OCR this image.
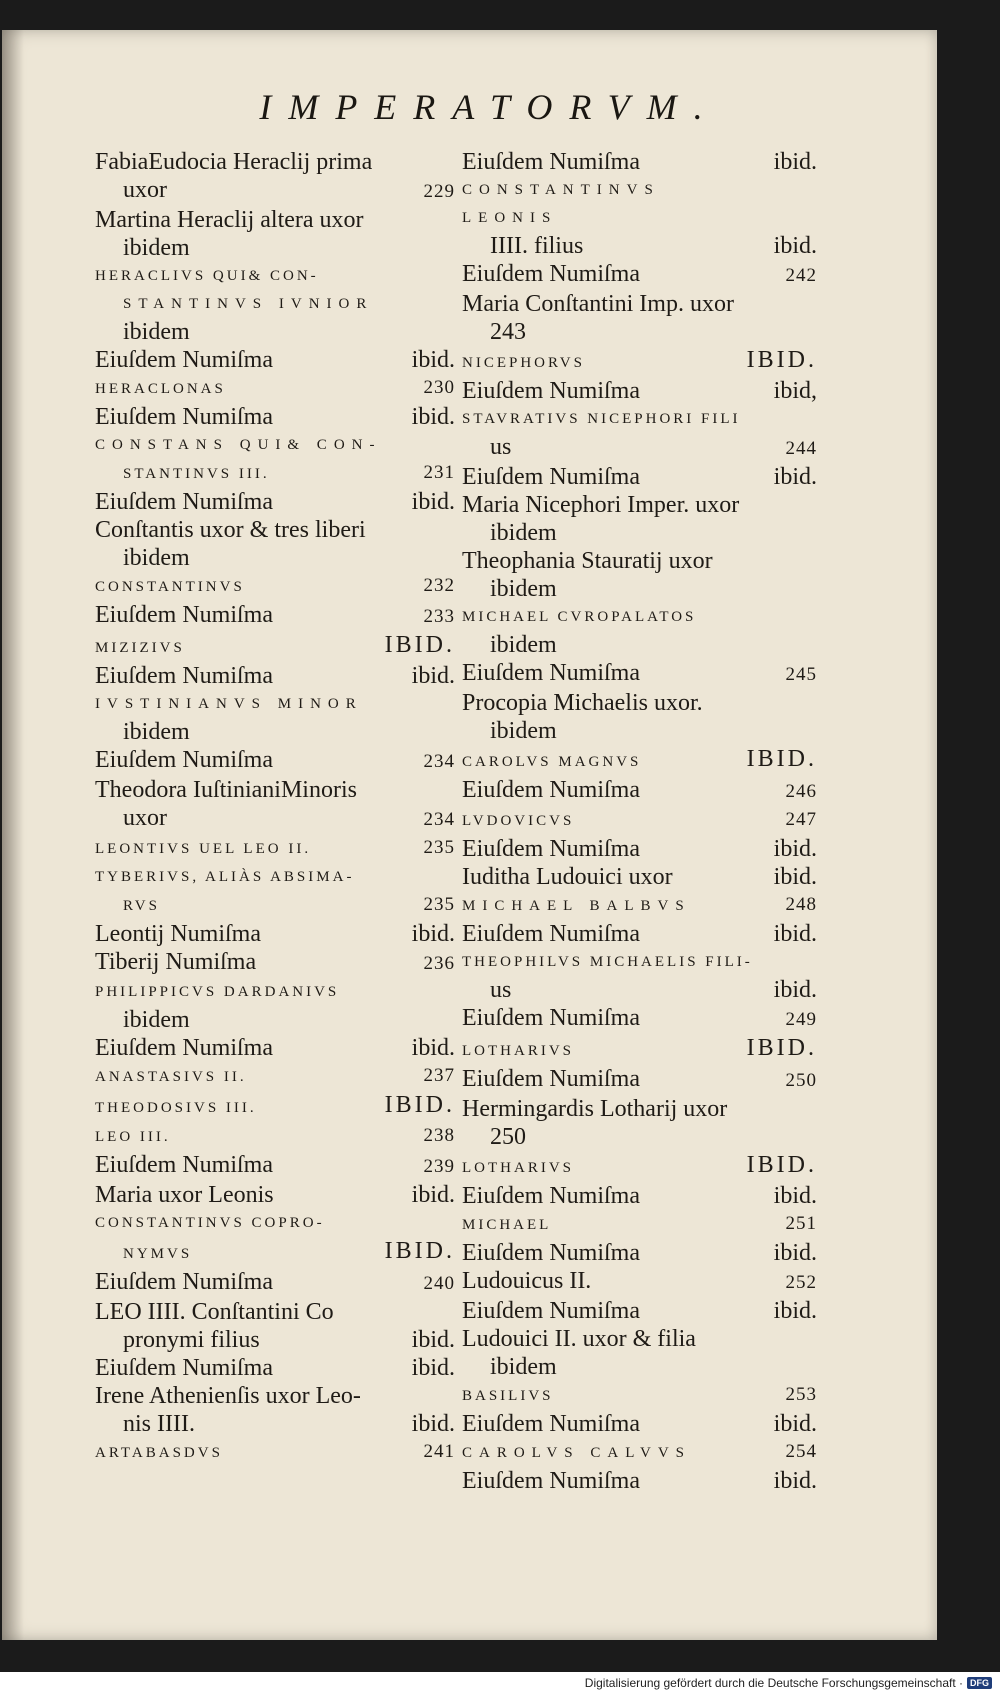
IMPERATORVM.
FabiaEudocia Heraclij prima
uxor	229
Martina Heraclij altera uxor
ibidem
HERACLIVS QUI& CON-
STANTINVS IVNIOR
ibidem
Eiuſdem Numiſma	ibid.
HERACLONAS	230
Eiuſdem Numiſma	ibid.
CONSTANS QUI& CON-
STANTINVS III.	231
Eiuſdem Numiſma	ibid.
Conſtantis uxor & tres liberi
ibidem
CONSTANTINVS	232
Eiuſdem Numiſma	233
MIZIZIVS	IBID.
Eiuſdem Numiſma	ibid.
IVSTINIANVS MINOR
ibidem
Eiuſdem Numiſma	234
Theodora IuſtinianiMinoris
uxor	234
LEONTIVS UEL LEO II.	235
TYBERIVS, ALIÀS ABSIMA-
RVS	235
Leontij Numiſma	ibid.
Tiberij Numiſma	236
PHILIPPICVS DARDANIVS
ibidem
Eiuſdem Numiſma	ibid.
ANASTASIVS II.	237
THEODOSIVS III.	IBID.
LEO III.	238
Eiuſdem Numiſma	239
Maria uxor Leonis	ibid.
CONSTANTINVS COPRO-
NYMVS	IBID.
Eiuſdem Numiſma	240
LEO IIII. Conſtantini Co
pronymi filius	ibid.
Eiuſdem Numiſma	ibid.
Irene Athenienſis uxor Leo-
nis IIII.	ibid.
ARTABASDVS	241
Eiuſdem Numiſma	ibid.
CONSTANTINVS LEONIS
IIII. filius	ibid.
Eiuſdem Numiſma	242
Maria Conſtantini Imp. uxor
243
NICEPHORVS	IBID.
Eiuſdem Numiſma	ibid,
STAVRATIVS NICEPHORI FILI
us	244
Eiuſdem Numiſma	ibid.
Maria Nicephori Imper. uxor
ibidem
Theophania Stauratij uxor
ibidem
MICHAEL CVROPALATOS
ibidem
Eiuſdem Numiſma	245
Procopia Michaelis uxor.
ibidem
CAROLVS MAGNVS	IBID.
Eiuſdem Numiſma	246
LVDOVICVS	247
Eiuſdem Numiſma	ibid.
Iuditha Ludouici uxor	ibid.
MICHAEL BALBVS	248
Eiuſdem Numiſma	ibid.
THEOPHILVS MICHAELIS FILI-
us	ibid.
Eiuſdem Numiſma	249
LOTHARIVS	IBID.
Eiuſdem Numiſma	250
Hermingardis Lotharij uxor
250
LOTHARIVS	IBID.
Eiuſdem Numiſma	ibid.
MICHAEL	251
Eiuſdem Numiſma	ibid.
Ludouicus II.	252
Eiuſdem Numiſma	ibid.
Ludouici II. uxor & filia
ibidem
BASILIVS	253
Eiuſdem Numiſma	ibid.
CAROLVS CALVVS	254
Eiuſdem Numiſma	ibid.
Digitalisierung gefördert durch die Deutsche Forschungsgemeinschaft · DFG
